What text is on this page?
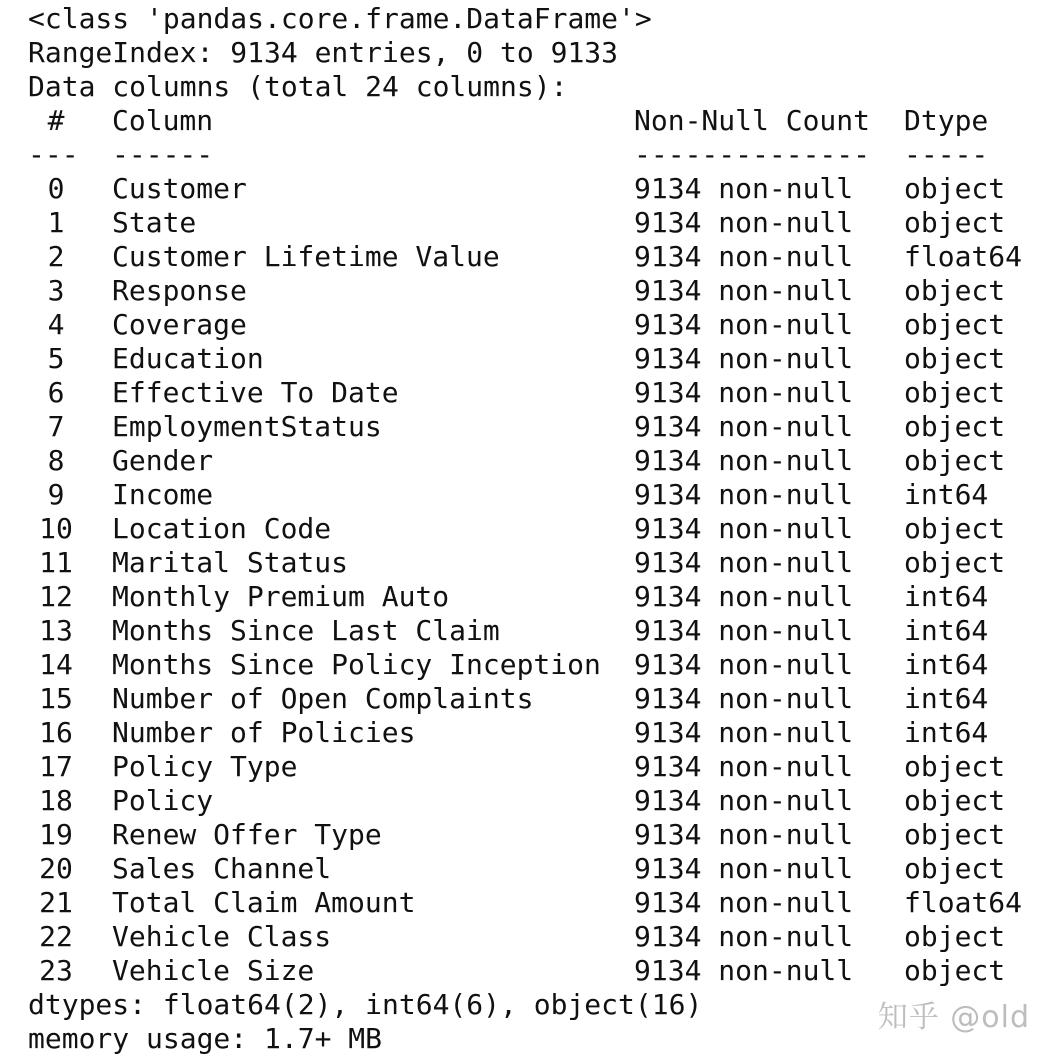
<class 'pandas.core.frame.DataFrame'>
RangeIndex: 9134 entries, 0 to 9133
Data columns (total 24 columns):
#	Column	Non-Null Count	Dtype
---	------	--------------	-----
0	Customer	9134 non-null	object
1	State	9134 non-null	object
2	Customer Lifetime Value	9134 non-null	float64
3	Response	9134 non-null	object
4	Coverage	9134 non-null	object
5	Education	9134 non-null	object
6	Effective To Date	9134 non-null	object
7	EmploymentStatus	9134 non-null	object
8	Gender	9134 non-null	object
9	Income	9134 non-null	int64
10	Location Code	9134 non-null	object
11	Marital Status	9134 non-null	object
12	Monthly Premium Auto	9134 non-null	int64
13	Months Since Last Claim	9134 non-null	int64
14	Months Since Policy Inception	9134 non-null	int64
15	Number of Open Complaints	9134 non-null	int64
16	Number of Policies	9134 non-null	int64
17	Policy Type	9134 non-null	object
18	Policy	9134 non-null	object
19	Renew Offer Type	9134 non-null	object
20	Sales Channel	9134 non-null	object
21	Total Claim Amount	9134 non-null	float64
22	Vehicle Class	9134 non-null	object
23	Vehicle Size	9134 non-null	object
dtypes: float64(2), int64(6), object(16)
memory usage: 1.7+ MB
知乎 @old
